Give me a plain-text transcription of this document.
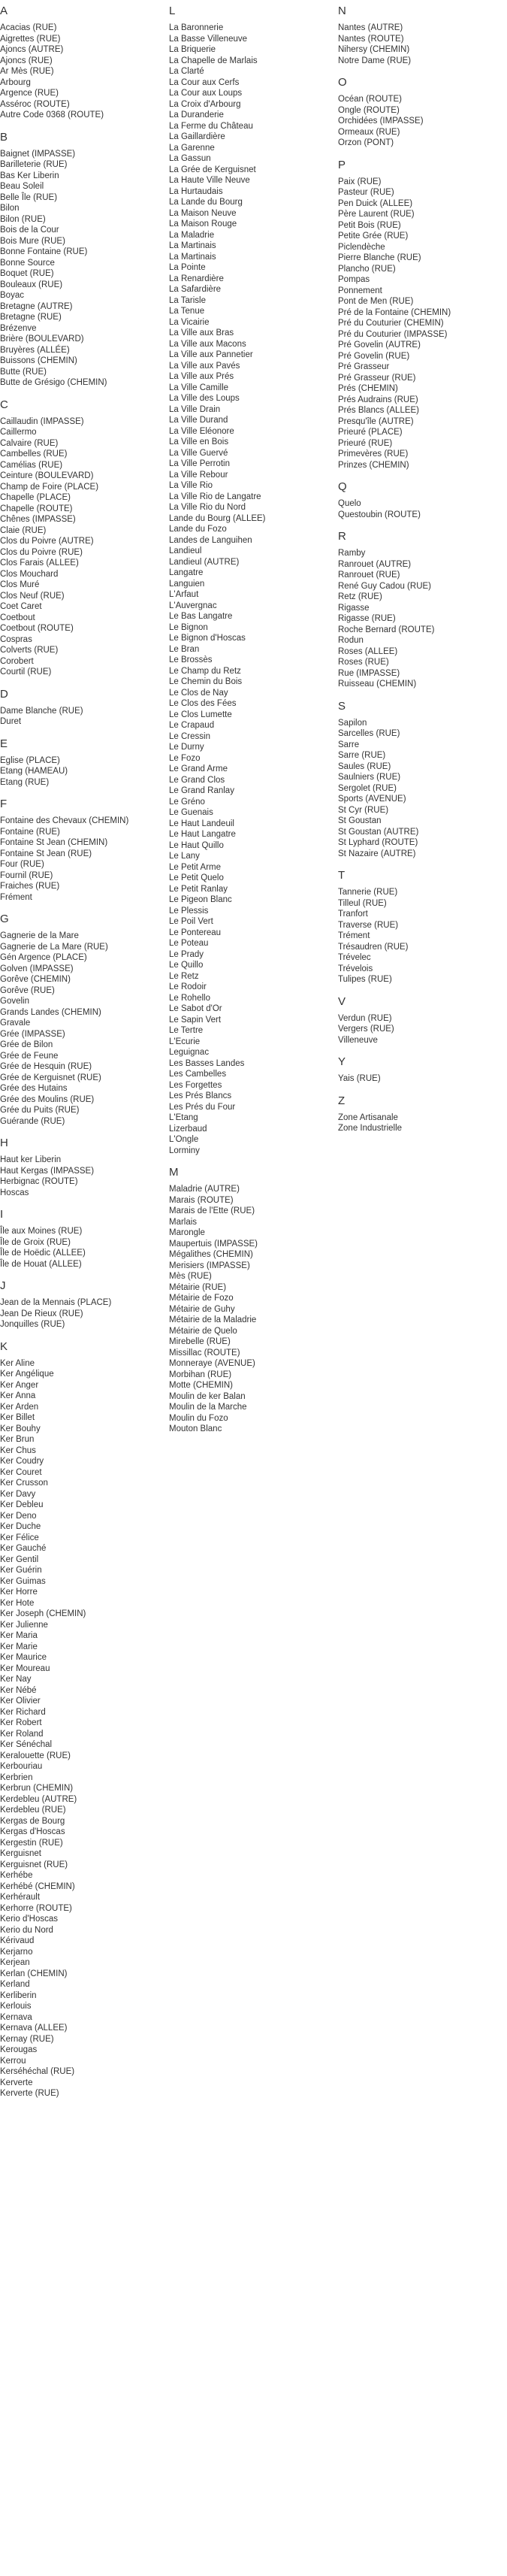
A
Acacias (RUE)
Aigrettes (RUE)
Ajoncs (AUTRE)
Ajoncs (RUE)
Ar Mès (RUE)
Arbourg
Argence (RUE)
Asséroc (ROUTE)
Autre Code 0368 (ROUTE)
B
Baignet (IMPASSE)
Barilleterie (RUE)
Bas Ker Liberin
Beau Soleil
Belle Île (RUE)
Bilon
Bilon (RUE)
Bois de la Cour
Bois Mure (RUE)
Bonne Fontaine (RUE)
Bonne Source
Boquet (RUE)
Bouleaux (RUE)
Boyac
Bretagne (AUTRE)
Bretagne (RUE)
Brézenve
Brière (BOULEVARD)
Bruyères (ALLÉE)
Buissons (CHEMIN)
Butte (RUE)
Butte de Grésigo (CHEMIN)
C
Caillaudin (IMPASSE)
Caillermo
Calvaire (RUE)
Cambelles (RUE)
Camélias (RUE)
Ceinture (BOULEVARD)
Champ de Foire (PLACE)
Chapelle (PLACE)
Chapelle (ROUTE)
Chênes (IMPASSE)
Claie (RUE)
Clos du Poivre (AUTRE)
Clos du Poivre (RUE)
Clos Farais (ALLEE)
Clos Mouchard
Clos Muré
Clos Neuf (RUE)
Coet Caret
Coetbout
Coetbout (ROUTE)
Cospras
Colverts (RUE)
Corobert
Courtil (RUE)
D
Dame Blanche (RUE)
Duret
E
Eglise (PLACE)
Etang (HAMEAU)
Etang (RUE)
F
Fontaine des Chevaux (CHEMIN)
Fontaine (RUE)
Fontaine St Jean (CHEMIN)
Fontaine St Jean (RUE)
Four (RUE)
Fournil (RUE)
Fraiches (RUE)
Frément
G
Gagnerie de la Mare
Gagnerie de La Mare (RUE)
Gén Argence (PLACE)
Golven (IMPASSE)
Gorêve (CHEMIN)
Gorêve (RUE)
Govelin
Grands Landes (CHEMIN)
Gravale
Grée (IMPASSE)
Grée de Bilon
Grée de Feune
Grée de Hesquin (RUE)
Grée de Kerguisnet (RUE)
Grée des Hutains
Grée des Moulins (RUE)
Grée du Puits (RUE)
Guérande (RUE)
H
Haut ker Liberin
Haut Kergas (IMPASSE)
Herbignac (ROUTE)
Hoscas
I
Île aux Moines (RUE)
Île de Groix (RUE)
Île de Hoëdic (ALLEE)
Île de Houat (ALLEE)
J
Jean de la Mennais (PLACE)
Jean De Rieux (RUE)
Jonquilles (RUE)
K
Ker Aline
Ker Angélique
Ker Anger
Ker Anna
Ker Arden
Ker Billet
Ker Bouhy
Ker Brun
Ker Chus
Ker Coudry
Ker Couret
Ker Crusson
Ker Davy
Ker Debleu
Ker Deno
Ker Duche
Ker Félice
Ker Gauché
Ker Gentil
Ker Guérin
Ker Guimas
Ker Horre
Ker Hote
Ker Joseph (CHEMIN)
Ker Julienne
Ker Maria
Ker Marie
Ker Maurice
Ker Moureau
Ker Nay
Ker Nébé
Ker Olivier
Ker Richard
Ker Robert
Ker Roland
Ker Sénéchal
Keralouette (RUE)
Kerbouriau
Kerbrien
Kerbrun (CHEMIN)
Kerdebleu (AUTRE)
Kerdebleu (RUE)
Kergas de Bourg
Kergas d'Hoscas
Kergestin (RUE)
Kerguisnet
Kerguisnet (RUE)
Kerhébe
Kerhébé (CHEMIN)
Kerhérault
Kerhorre (ROUTE)
Kerio d'Hoscas
Kerio du Nord
Kérivaud
Kerjarno
Kerjean
Kerlan (CHEMIN)
Kerland
Kerliberin
Kerlouis
Kernava
Kernava (ALLEE)
Kernay (RUE)
Kerougas
Kerrou
Kerséhéchal (RUE)
Kerverte
Kerverte (RUE)
L
La Baronnerie
La Basse Villeneuve
La Briquerie
La Chapelle de Marlais
La Clarté
La Cour aux Cerfs
La Cour aux Loups
La Croix d'Arbourg
La Duranderie
La Ferme du Château
La Gaillardière
La Garenne
La Gassun
La Grée de Kerguisnet
La Haute Ville Neuve
La Hurtaudais
La Lande du Bourg
La Maison Neuve
La Maison Rouge
La Maladrie
La Martinais
La Martinais
La Pointe
La Renardière
La Safardière
La Tarisle
La Tenue
La Vicairie
La Ville aux Bras
La Ville aux Macons
La Ville aux Pannetier
La Ville aux Pavés
La Ville aux Prés
La Ville Camille
La Ville des Loups
La Ville Drain
La Ville Durand
La Ville Eléonore
La Ville en Bois
La Ville Guervé
La Ville Perrotin
La Ville Rebour
La Ville Rio
La Ville Rio de Langatre
La Ville Rio du Nord
Lande du Bourg (ALLEE)
Lande du Fozo
Landes de Languihen
Landieul
Landieul (AUTRE)
Langatre
Languien
L'Arfaut
L'Auvergnac
Le Bas Langatre
Le Bignon
Le Bignon d'Hoscas
Le Bran
Le Brossès
Le Champ du Retz
Le Chemin du Bois
Le Clos de Nay
Le Clos des Fées
Le Clos Lumette
Le Crapaud
Le Cressin
Le Durny
Le Fozo
Le Grand Arme
Le Grand Clos
Le Grand Ranlay
Le Gréno
Le Guenais
Le Haut Landeuil
Le Haut Langatre
Le Haut Quillo
Le Lany
Le Petit Arme
Le Petit Quelo
Le Petit Ranlay
Le Pigeon Blanc
Le Plessis
Le Poil Vert
Le Pontereau
Le Poteau
Le Prady
Le Quillo
Le Retz
Le Rodoir
Le Rohello
Le Sabot d'Or
Le Sapin Vert
Le Tertre
L'Ecurie
Leguignac
Les Basses Landes
Les Cambelles
Les Forgettes
Les Prés Blancs
Les Prés du Four
L'Etang
Lizerbaud
L'Ongle
Lorminy
M
Maladrie (AUTRE)
Marais (ROUTE)
Marais de l'Ette (RUE)
Marlais
Marongle
Maupertuis (IMPASSE)
Mégalithes (CHEMIN)
Merisiers (IMPASSE)
Mès (RUE)
Métairie (RUE)
Métairie de Fozo
Métairie de Guhy
Métairie de la Maladrie
Métairie de Quelo
Mirebelle (RUE)
Missillac (ROUTE)
Monneraye (AVENUE)
Morbihan (RUE)
Motte (CHEMIN)
Moulin de ker Balan
Moulin de la Marche
Moulin du Fozo
Mouton Blanc
N
Nantes (AUTRE)
Nantes (ROUTE)
Nihersy (CHEMIN)
Notre Dame (RUE)
O
Océan (ROUTE)
Ongle (ROUTE)
Orchidées (IMPASSE)
Ormeaux (RUE)
Orzon (PONT)
P
Paix (RUE)
Pasteur (RUE)
Pen Duick (ALLEE)
Père Laurent (RUE)
Petit Bois (RUE)
Petite Grée (RUE)
Piclendèche
Pierre Blanche (RUE)
Plancho (RUE)
Pompas
Ponnement
Pont de Men (RUE)
Pré de la Fontaine (CHEMIN)
Pré du Couturier (CHEMIN)
Pré du Couturier (IMPASSE)
Pré Govelin (AUTRE)
Pré Govelin (RUE)
Pré Grasseur
Pré Grasseur (RUE)
Prés (CHEMIN)
Prés Audrains (RUE)
Prés Blancs (ALLEE)
Presqu'île (AUTRE)
Prieuré (PLACE)
Prieuré (RUE)
Primevères (RUE)
Prinzes (CHEMIN)
Q
Quelo
Questoubin (ROUTE)
R
Ramby
Ranrouet (AUTRE)
Ranrouet (RUE)
René Guy Cadou (RUE)
Retz (RUE)
Rigasse
Rigasse (RUE)
Roche Bernard (ROUTE)
Rodun
Roses (ALLEE)
Roses (RUE)
Rue (IMPASSE)
Ruisseau (CHEMIN)
S
Sapilon
Sarcelles (RUE)
Sarre
Sarre (RUE)
Saules (RUE)
Saulniers (RUE)
Sergolet (RUE)
Sports (AVENUE)
St Cyr (RUE)
St Goustan
St Goustan (AUTRE)
St Lyphard (ROUTE)
St Nazaire (AUTRE)
T
Tannerie (RUE)
Tilleul (RUE)
Tranfort
Traverse (RUE)
Trément
Trésaudren (RUE)
Trévelec
Trévelois
Tulipes (RUE)
V
Verdun (RUE)
Vergers (RUE)
Villeneuve
Y
Yais (RUE)
Z
Zone Artisanale
Zone Industrielle
